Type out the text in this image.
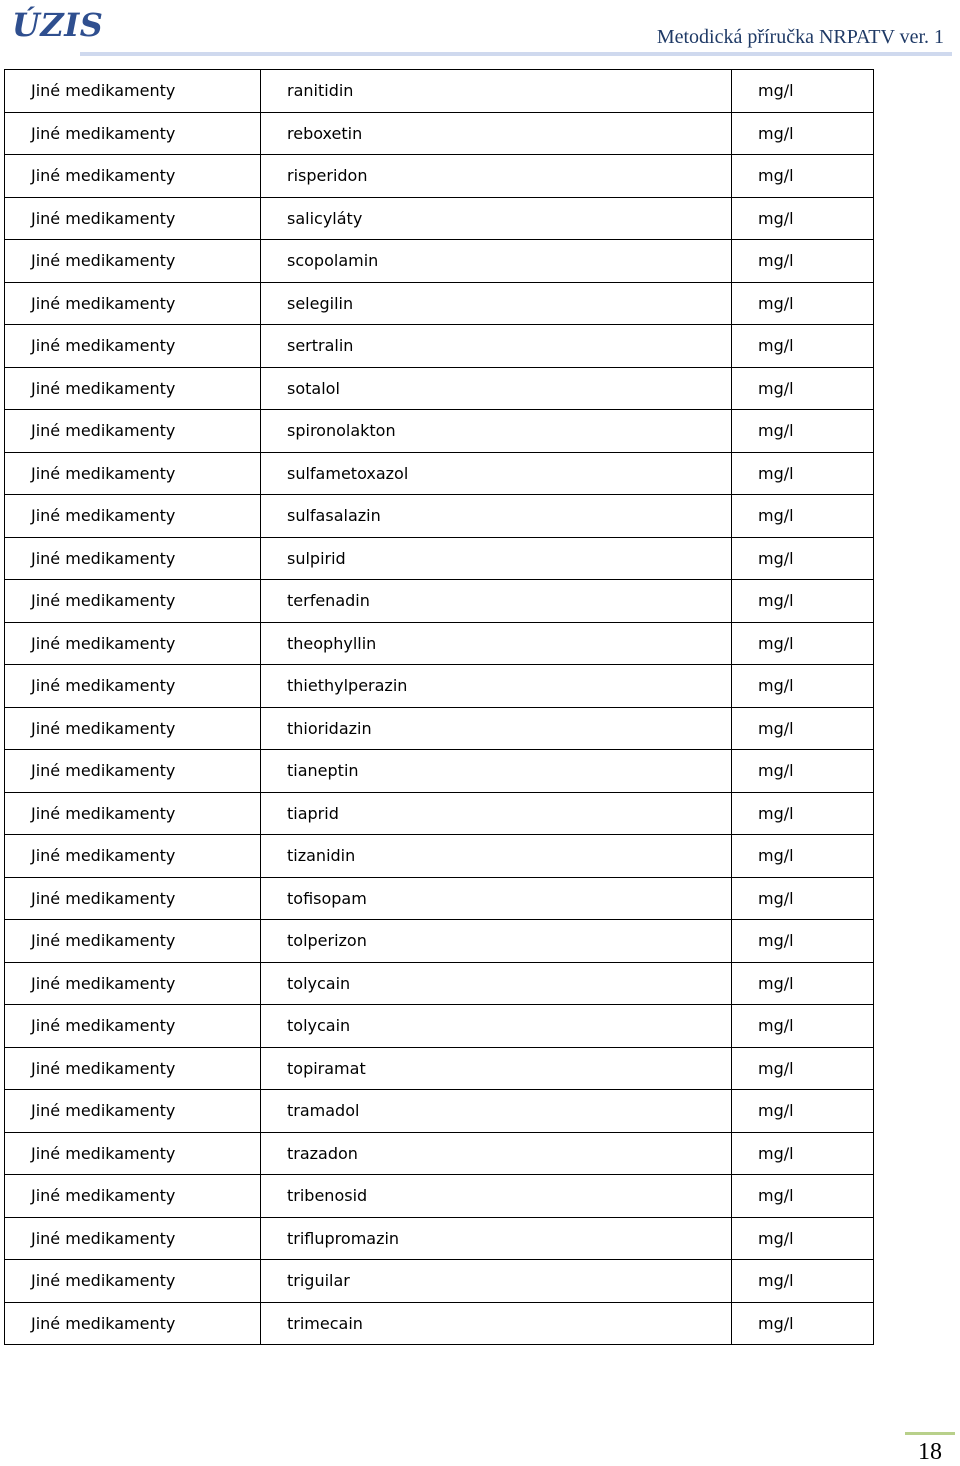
ÚZIS	Metodická příručka NRPATV ver. 1
Jiné medikamenty	ranitidin	mg/l
Jiné medikamenty	reboxetin	mg/l
Jiné medikamenty	risperidon	mg/l
Jiné medikamenty	salicyláty	mg/l
Jiné medikamenty	scopolamin	mg/l
Jiné medikamenty	selegilin	mg/l
Jiné medikamenty	sertralin	mg/l
Jiné medikamenty	sotalol	mg/l
Jiné medikamenty	spironolakton	mg/l
Jiné medikamenty	sulfametoxazol	mg/l
Jiné medikamenty	sulfasalazin	mg/l
Jiné medikamenty	sulpirid	mg/l
Jiné medikamenty	terfenadin	mg/l
Jiné medikamenty	theophyllin	mg/l
Jiné medikamenty	thiethylperazin	mg/l
Jiné medikamenty	thioridazin	mg/l
Jiné medikamenty	tianeptin	mg/l
Jiné medikamenty	tiaprid	mg/l
Jiné medikamenty	tizanidin	mg/l
Jiné medikamenty	tofisopam	mg/l
Jiné medikamenty	tolperizon	mg/l
Jiné medikamenty	tolycain	mg/l
Jiné medikamenty	tolycain	mg/l
Jiné medikamenty	topiramat	mg/l
Jiné medikamenty	tramadol	mg/l
Jiné medikamenty	trazadon	mg/l
Jiné medikamenty	tribenosid	mg/l
Jiné medikamenty	triflupromazin	mg/l
Jiné medikamenty	triguilar	mg/l
Jiné medikamenty	trimecain	mg/l
18
